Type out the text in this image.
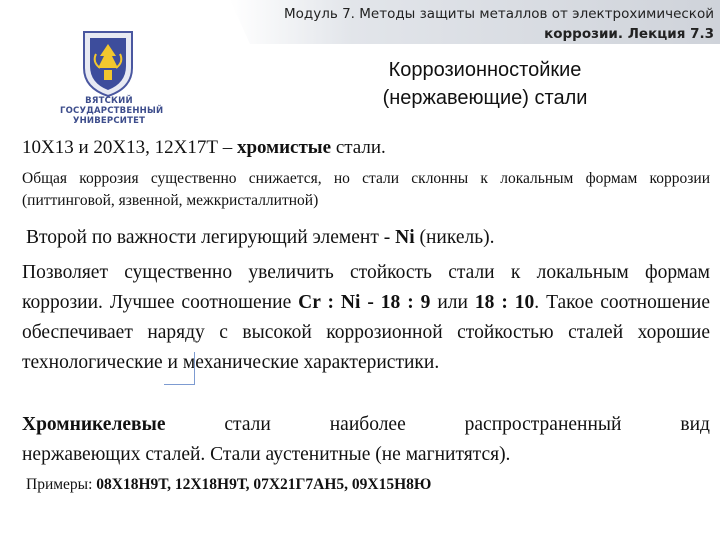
Модуль 7. Методы защиты металлов от электрохимической
коррозии. Лекция 7.3
ВЯТСКИЙ
ГОСУДАРСТВЕННЫЙ
УНИВЕРСИТЕТ
Коррозионностойкие
(нержавеющие) стали
10Х13 и 20Х13, 12Х17Т – хромистые стали.
Общая коррозия существенно снижается, но стали склонны к локальным формам коррозии (питтинговой, язвенной, межкристаллитной)
Второй по важности легирующий элемент - Ni (никель).
Позволяет существенно увеличить стойкость стали к локальным формам коррозии. Лучшее соотношение Cr : Ni - 18 : 9 или 18 : 10. Такое соотношение обеспечивает наряду с высокой коррозионной стойкостью сталей хорошие технологические и механические характеристики.
Хромникелевые	стали	наиболее	распространенный	вид
нержавеющих сталей. Стали аустенитные (не магнитятся).
Примеры: 08Х18Н9Т, 12Х18Н9Т, 07Х21Г7АН5, 09Х15Н8Ю
